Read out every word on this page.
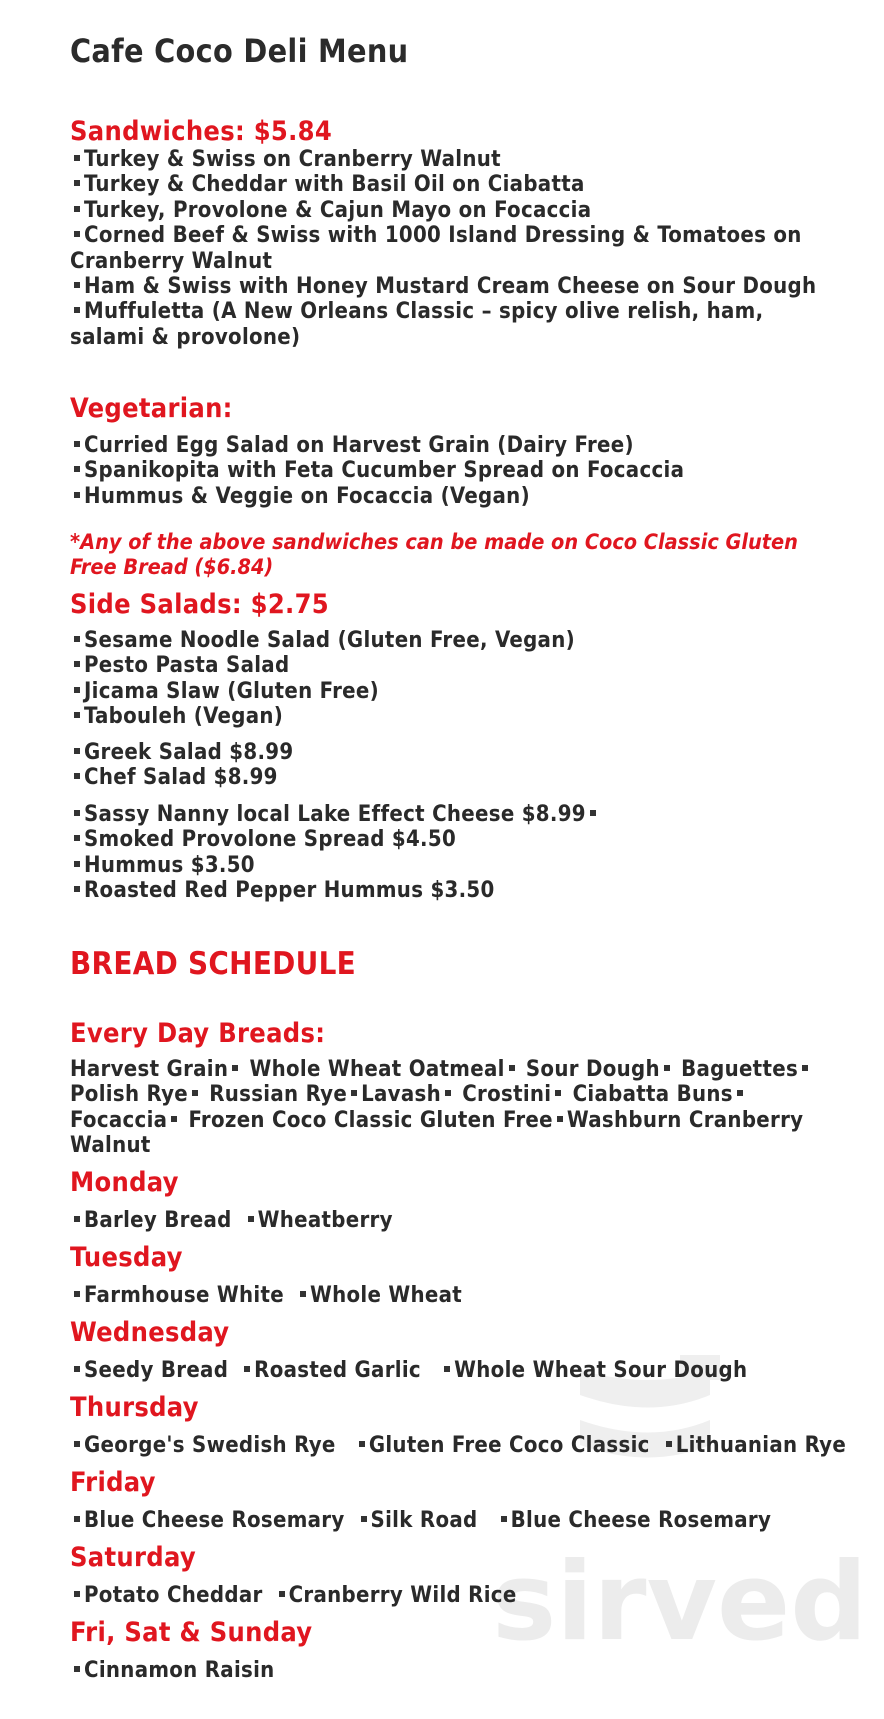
sirved
Cafe Coco Deli Menu
Sandwiches: $5.84
Turkey & Swiss on Cranberry Walnut
Turkey & Cheddar with Basil Oil on Ciabatta
Turkey, Provolone & Cajun Mayo on Focaccia
Corned Beef & Swiss with 1000 Island Dressing & Tomatoes on Cranberry Walnut
Ham & Swiss with Honey Mustard Cream Cheese on Sour Dough
Muffuletta (A New Orleans Classic – spicy olive relish, ham, salami & provolone)
Vegetarian:
Curried Egg Salad on Harvest Grain (Dairy Free)
Spanikopita with Feta Cucumber Spread on Focaccia
Hummus & Veggie on Focaccia (Vegan)
*Any of the above sandwiches can be made on Coco Classic Gluten Free Bread ($6.84)
Side Salads: $2.75
Sesame Noodle Salad (Gluten Free, Vegan)
Pesto Pasta Salad
Jicama Slaw (Gluten Free)
Tabouleh (Vegan)
Greek Salad $8.99
Chef Salad $8.99
Sassy Nanny local Lake Effect Cheese $8.99
Smoked Provolone Spread $4.50
Hummus $3.50
Roasted Red Pepper Hummus $3.50
BREAD SCHEDULE
Every Day Breads:
Harvest Grain Whole Wheat Oatmeal Sour Dough Baguettes Polish Rye Russian Rye Lavash Crostini Ciabatta Buns Focaccia Frozen Coco Classic Gluten Free Washburn Cranberry Walnut
Monday
Barley Bread Wheatberry
Tuesday
Farmhouse White Whole Wheat
Wednesday
Seedy Bread Roasted Garlic Whole Wheat Sour Dough
Thursday
George's Swedish Rye Gluten Free Coco Classic Lithuanian Rye
Friday
Blue Cheese Rosemary Silk Road Blue Cheese Rosemary
Saturday
Potato Cheddar Cranberry Wild Rice
Fri, Sat & Sunday
Cinnamon Raisin
